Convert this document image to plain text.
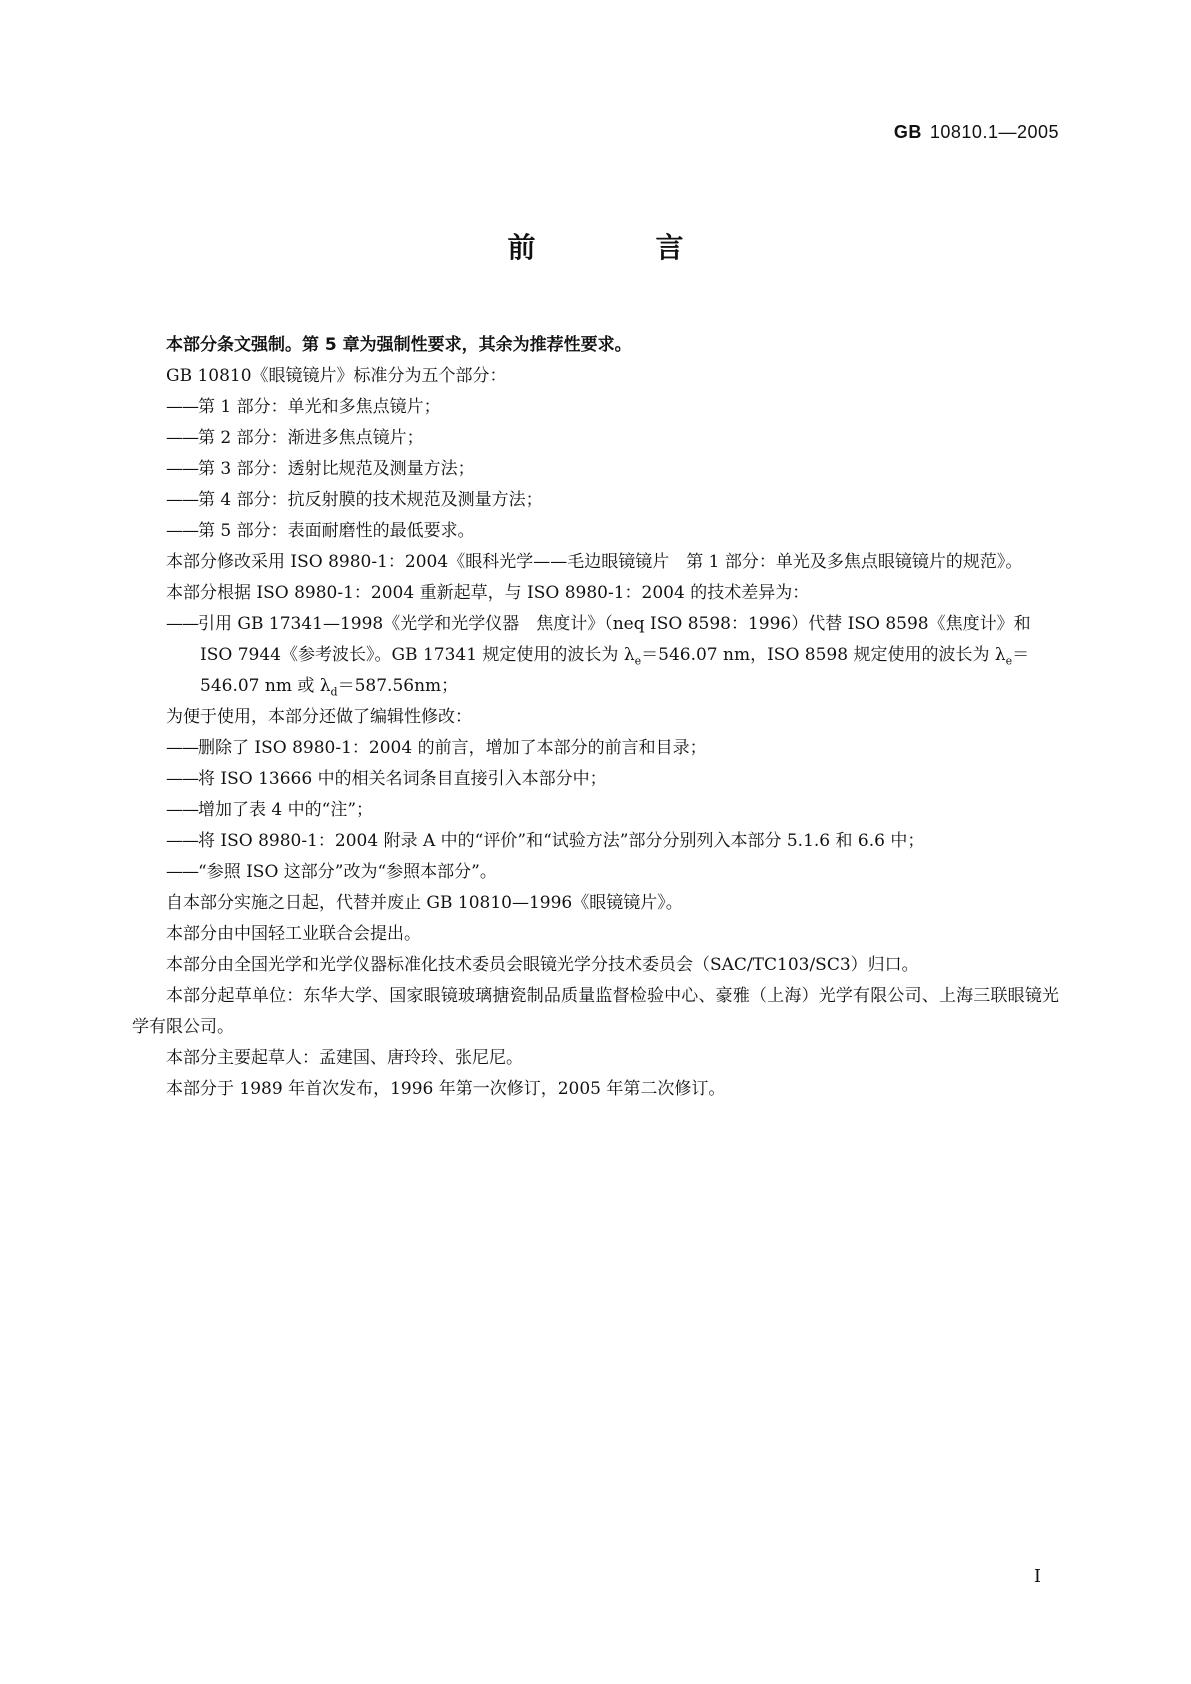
GB 10810.1—2005
前　言

本部分条文强制。第 5 章为强制性要求，其余为推荐性要求。

GB 10810《眼镜镜片》标准分为五个部分：

——第 1 部分：单光和多焦点镜片；

——第 2 部分：渐进多焦点镜片；

——第 3 部分：透射比规范及测量方法；

——第 4 部分：抗反射膜的技术规范及测量方法；

——第 5 部分：表面耐磨性的最低要求。

本部分修改采用 ISO 8980-1：2004《眼科光学——毛边眼镜镜片　第 1 部分：单光及多焦点眼镜镜片的规范》。

本部分根据 ISO 8980-1：2004 重新起草，与 ISO 8980-1：2004 的技术差异为：

——引用 GB 17341—1998《光学和光学仪器　焦度计》（neq ISO 8598：1996）代替 ISO 8598《焦度计》和 ISO 7944《参考波长》。GB 17341 规定使用的波长为 $\lambda_e=546.07$ nm，ISO 8598 规定使用的波长为 $\lambda_e=546.07$ nm 或 $\lambda_d=587.56nm$；

为便于使用，本部分还做了编辑性修改：

——删除了 ISO 8980-1：2004 的前言，增加了本部分的前言和目录；

——将 ISO 13666 中的相关名词条目直接引入本部分中；

——增加了表 4 中的“注”；

——将 ISO 8980-1：2004 附录 A 中的“评价”和“试验方法”部分分别列入本部分 5.1.6 和 6.6 中；

——“参照 ISO 这部分”改为“参照本部分”。

自本部分实施之日起，代替并废止 GB 10810—1996《眼镜镜片》。

本部分由中国轻工业联合会提出。

本部分由全国光学和光学仪器标准化技术委员会眼镜光学分技术委员会（SAC/TC103/SC3）归口。

本部分起草单位：东华大学、国家眼镜玻璃搪瓷制品质量监督检验中心、豪雅（上海）光学有限公司、上海三联眼镜光学有限公司。

本部分主要起草人：孟建国、唐玲玲、张尼尼。

本部分于 1989 年首次发布，1996 年第一次修订，2005 年第二次修订。

I
